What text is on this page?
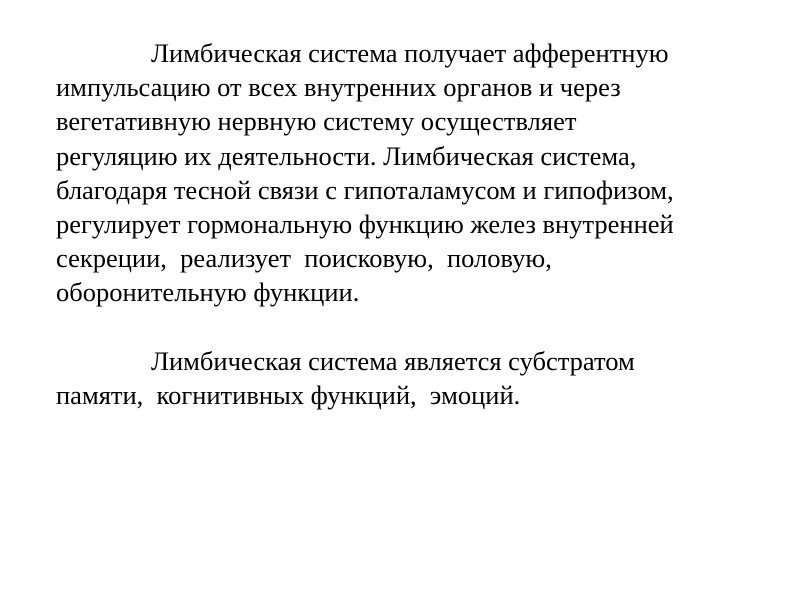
Лимбическая система получает афферентную
импульсацию от всех внутренних органов и через
вегетативную нервную систему осуществляет
регуляцию их деятельности. Лимбическая система,
благодаря тесной связи с гипоталамусом и гипофизом,
регулирует гормональную функцию желез внутренней
секреции,  реализует  поисковую,  половую,
оборонительную функции.
Лимбическая система является субстратом
памяти,  когнитивных функций,  эмоций.
